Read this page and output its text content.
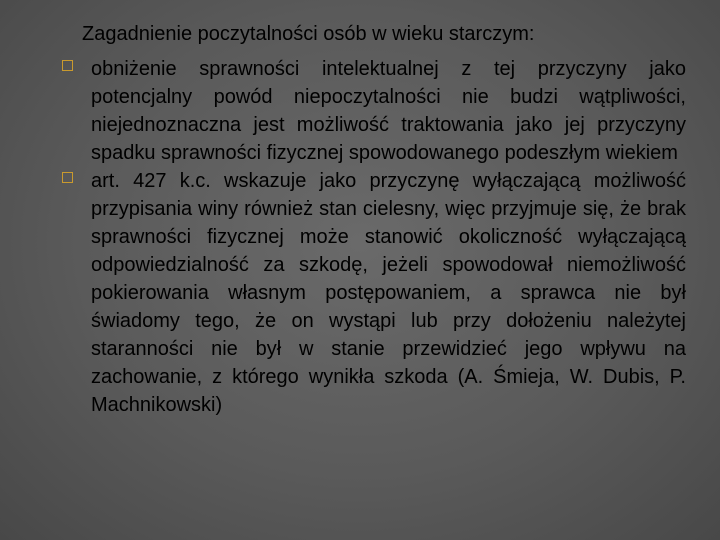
Zagadnienie poczytalności osób w wieku starczym:
obniżenie sprawności intelektualnej z tej przyczyny jako potencjalny powód niepoczytalności nie budzi wątpliwości, niejednoznaczna jest możliwość traktowania jako jej przyczyny spadku sprawności fizycznej spowodowanego podeszłym wiekiem
art. 427 k.c. wskazuje jako przyczynę wyłączającą możliwość przypisania winy również stan cielesny, więc przyjmuje się, że brak sprawności fizycznej może stanowić okoliczność wyłączającą odpowiedzialność za szkodę, jeżeli spowodował niemożliwość pokierowania własnym postępowaniem, a sprawca nie był świadomy tego, że on wystąpi lub przy dołożeniu należytej staranności nie był w stanie przewidzieć jego wpływu na zachowanie, z którego wynikła szkoda (A. Śmieja, W. Dubis, P. Machnikowski)
